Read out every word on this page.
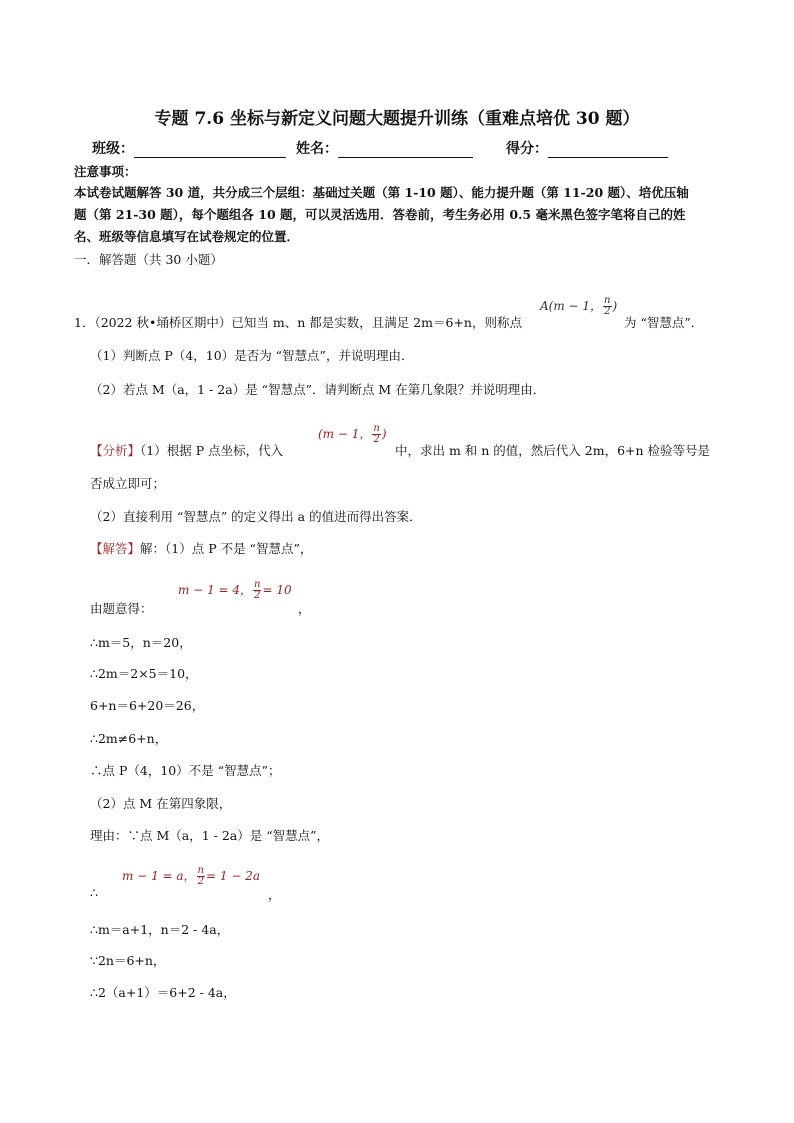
专题 7.6 坐标与新定义问题大题提升训练（重难点培优 30 题）
班级：	姓名：	得分：
注意事项：
本试卷试题解答 30 道，共分成三个层组：基础过关题（第 1-10 题）、能力提升题（第 11-20 题）、培优压轴
题（第 21-30 题），每个题组各 10 题，可以灵活选用．答卷前，考生务必用 0.5 毫米黑色签字笔将自己的姓
名、班级等信息填写在试卷规定的位置．
一．解答题（共 30 小题）
1．（2022 秋•埇桥区期中）已知当 m、n 都是实数，且满足 2m＝6+n，则称点
A(m − 1， $\frac{n}{2}$ )
为 “智慧点”．
（1）判断点 P（4，10）是否为 “智慧点”，并说明理由．
（2）若点 M（a，1 - 2a）是 “智慧点”．请判断点 M 在第几象限？并说明理由．
【分析】（1）根据 P 点坐标，代入
(m − 1， $\frac{n}{2}$ )
中，求出 m 和 n 的值，然后代入 2m，6+n 检验等号是
否成立即可；
（2）直接利用 “智慧点” 的定义得出 a 的值进而得出答案．
【解答】解：（1）点 P 不是 “智慧点”，
由题意得：
m − 1 = 4， $\frac{n}{2} = 10$
，
∴m＝5，n＝20，
∴2m＝2×5＝10，
6+n＝6+20＝26，
∴2m≠6+n，
∴点 P（4，10）不是 “智慧点”；
（2）点 M 在第四象限，
理由：∵点 M（a，1 - 2a）是 “智慧点”，
∴
m − 1 = a， $\frac{n}{2} = 1 - 2a$
，
∴m＝a+1，n＝2 - 4a，
∵2n＝6+n，
∴2（a+1）＝6+2 - 4a，
